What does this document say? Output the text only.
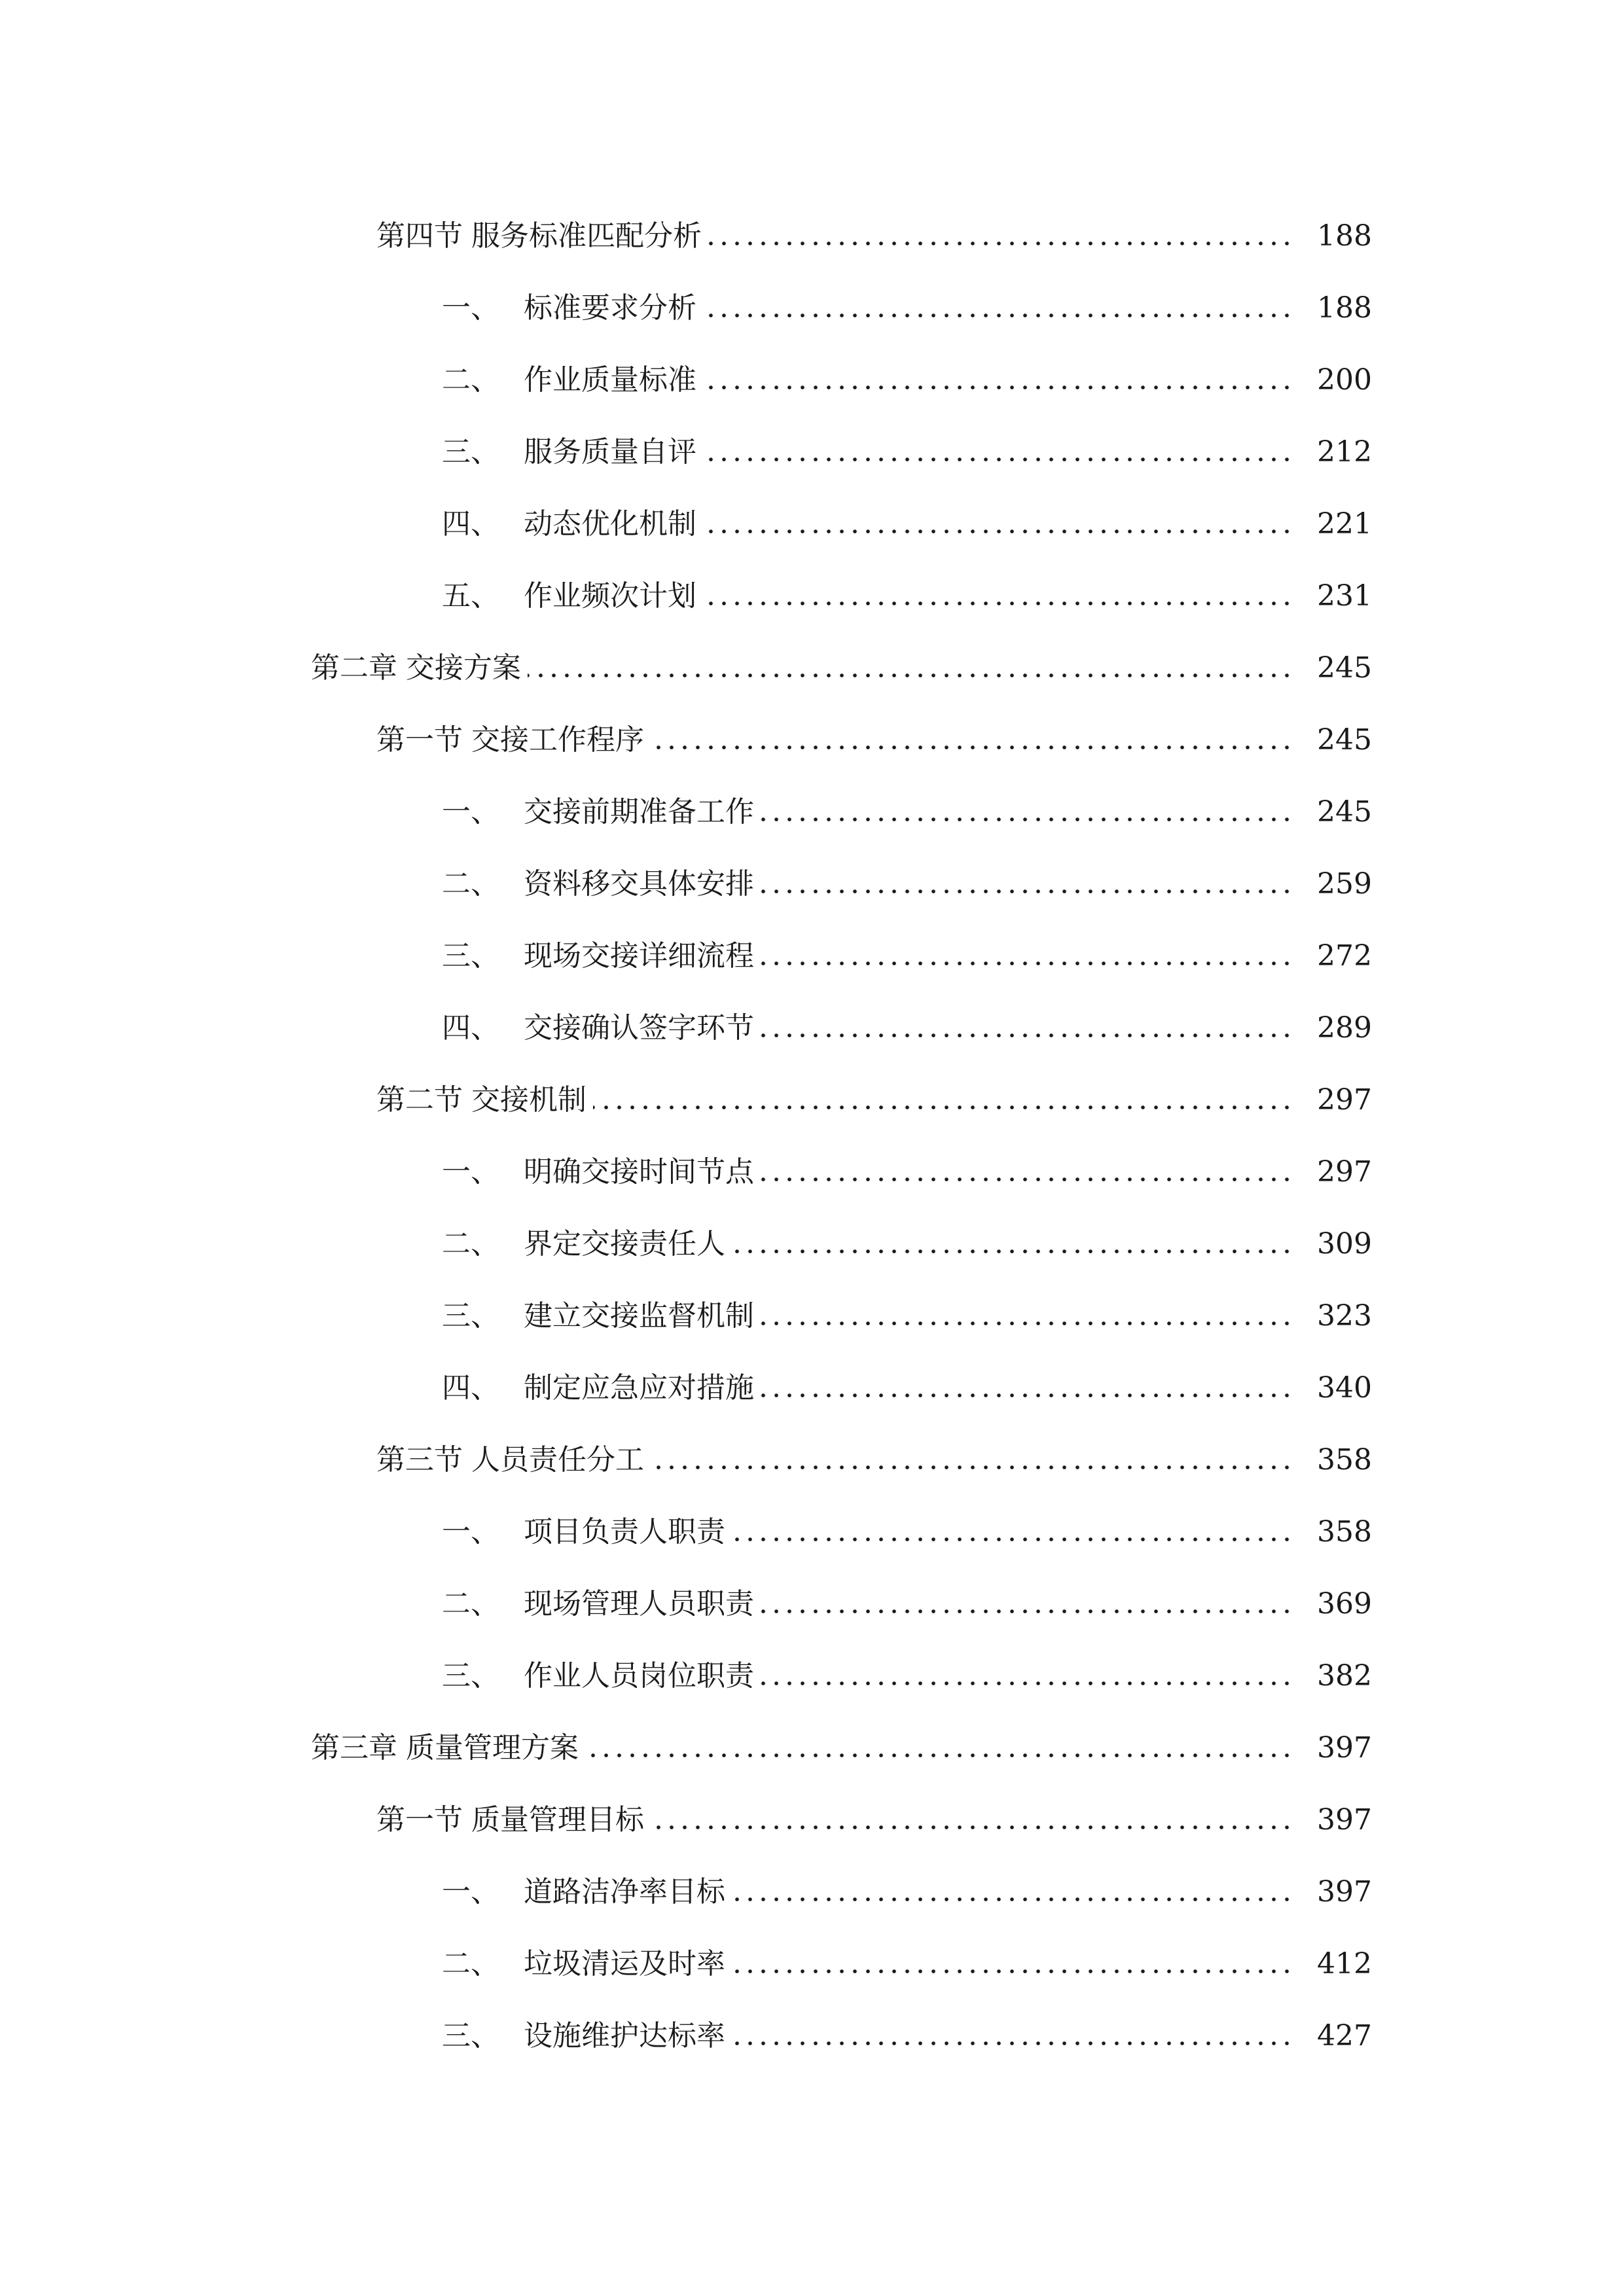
第四节 服务标准匹配分析	188
一、 标准要求分析	188
二、 作业质量标准	200
三、 服务质量自评	212
四、 动态优化机制	221
五、 作业频次计划	231
第二章 交接方案	245
第一节 交接工作程序	245
一、 交接前期准备工作	245
二、 资料移交具体安排	259
三、 现场交接详细流程	272
四、 交接确认签字环节	289
第二节 交接机制	297
一、 明确交接时间节点	297
二、 界定交接责任人	309
三、 建立交接监督机制	323
四、 制定应急应对措施	340
第三节 人员责任分工	358
一、 项目负责人职责	358
二、 现场管理人员职责	369
三、 作业人员岗位职责	382
第三章 质量管理方案	397
第一节 质量管理目标	397
一、 道路洁净率目标	397
二、 垃圾清运及时率	412
三、 设施维护达标率	427
